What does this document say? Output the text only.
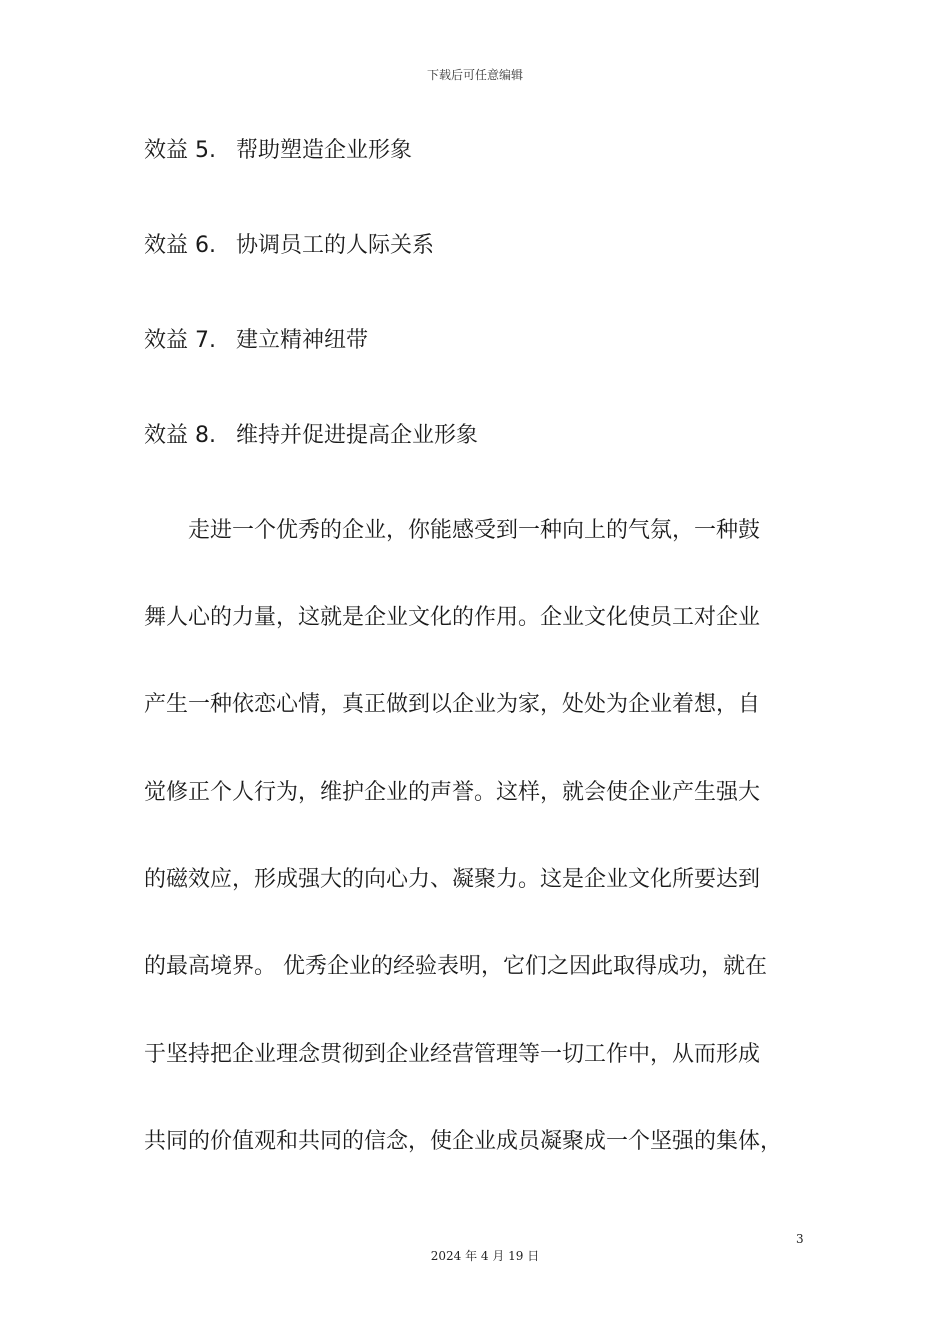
下载后可任意编辑
效益 5. 帮助塑造企业形象
效益 6. 协调员工的人际关系
效益 7. 建立精神纽带
效益 8. 维持并促进提高企业形象
　　走进一个优秀的企业，你能感受到一种向上的气氛，一种鼓
舞人心的力量，这就是企业文化的作用。企业文化使员工对企业
产生一种依恋心情，真正做到以企业为家，处处为企业着想，自
觉修正个人行为，维护企业的声誉。这样，就会使企业产生强大
的磁效应，形成强大的向心力、凝聚力。这是企业文化所要达到
的最高境界。 优秀企业的经验表明，它们之因此取得成功，就在
于坚持把企业理念贯彻到企业经营管理等一切工作中，从而形成
共同的价值观和共同的信念，使企业成员凝聚成一个坚强的集体，
3
2024 年 4 月 19 日
